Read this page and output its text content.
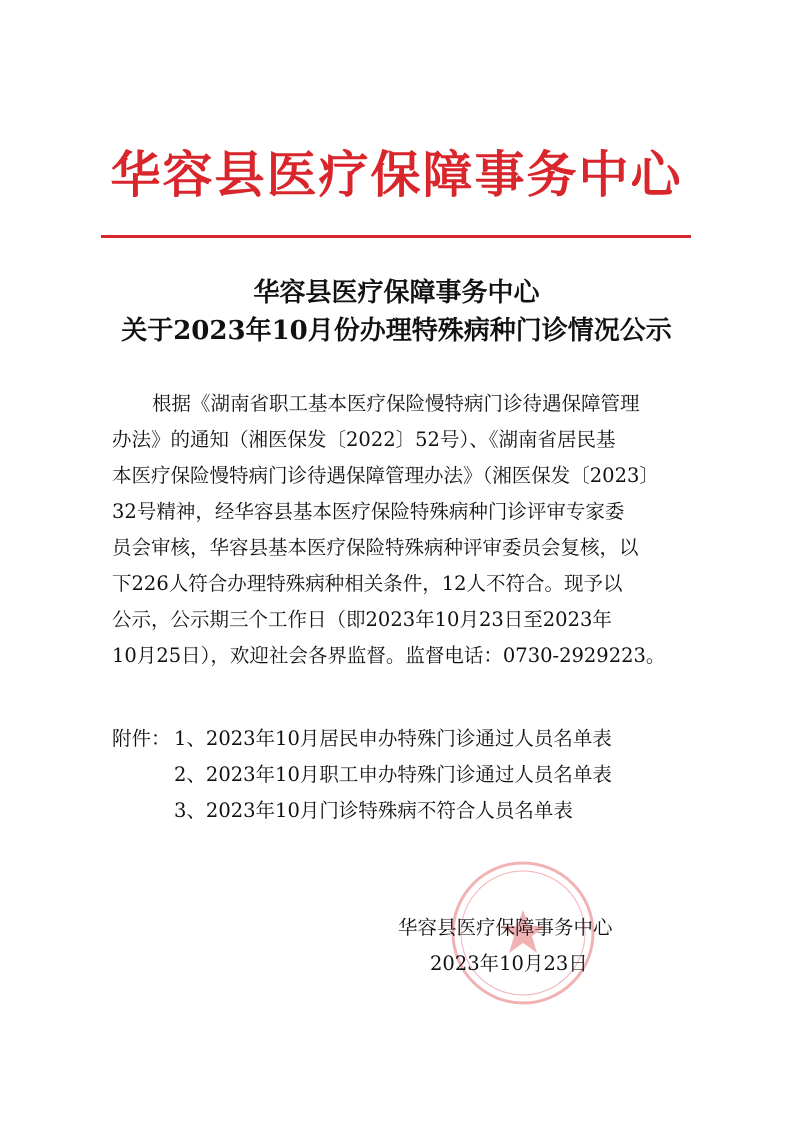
华容县医疗保障事务中心
华容县医疗保障事务中心
关于2023年10月份办理特殊病种门诊情况公示
根据《湖南省职工基本医疗保险慢特病门诊待遇保障管理
办法》的通知（湘医保发〔2022〕52号）、《湖南省居民基
本医疗保险慢特病门诊待遇保障管理办法》（湘医保发〔2023〕
32号精神，经华容县基本医疗保险特殊病种门诊评审专家委
员会审核，华容县基本医疗保险特殊病种评审委员会复核，以
下226人符合办理特殊病种相关条件，12人不符合。现予以
公示，公示期三个工作日（即2023年10月23日至2023年
10月25日），欢迎社会各界监督。监督电话：0730-2929223。
附件： 1、2023年10月居民申办特殊门诊通过人员名单表
2、2023年10月职工申办特殊门诊通过人员名单表
3、2023年10月门诊特殊病不符合人员名单表
华容县医疗保障事务中心
2023年10月23日
